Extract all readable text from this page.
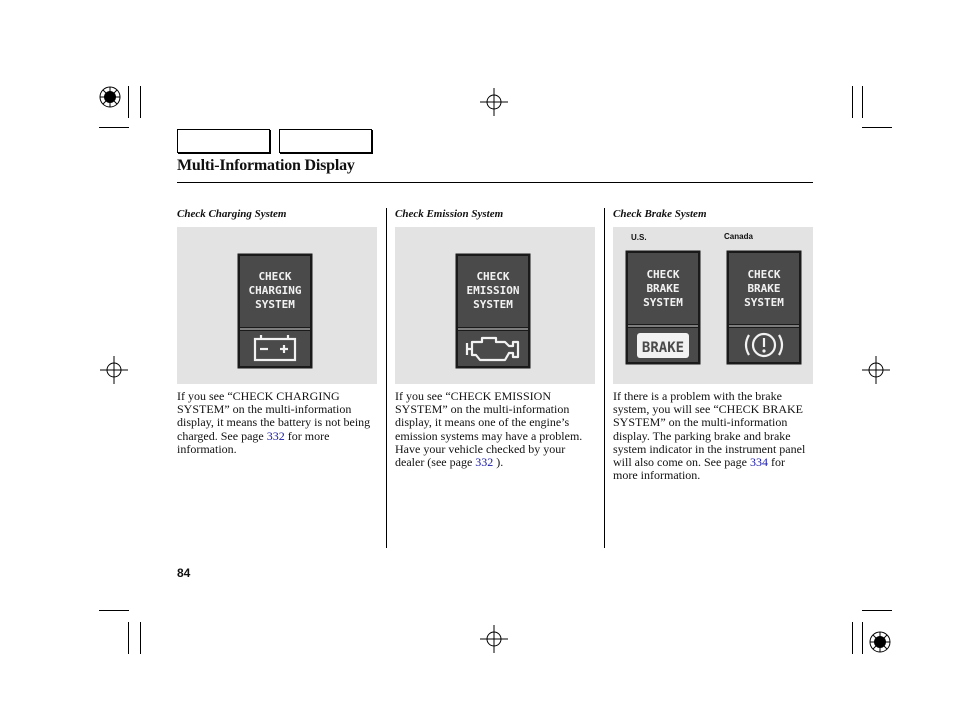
Multi-Information Display
Check Charging System
CHECK
CHARGING
SYSTEM
If you see “CHECK CHARGING SYSTEM” on the multi-information display, it means the battery is not being charged. See page 332 for more information.
Check Emission System
CHECK
EMISSION
SYSTEM
If you see “CHECK EMISSION SYSTEM” on the multi-information display, it means one of the engine’s emission systems may have a problem. Have your vehicle checked by your dealer (see page 332 ).
Check Brake System
U.S.	Canada
CHECK
BRAKE
SYSTEM
BRAKE
CHECK
BRAKE
SYSTEM
If there is a problem with the brake system, you will see “CHECK BRAKE SYSTEM” on the multi-information display. The parking brake and brake system indicator in the instrument panel will also come on. See page 334 for more information.
84
